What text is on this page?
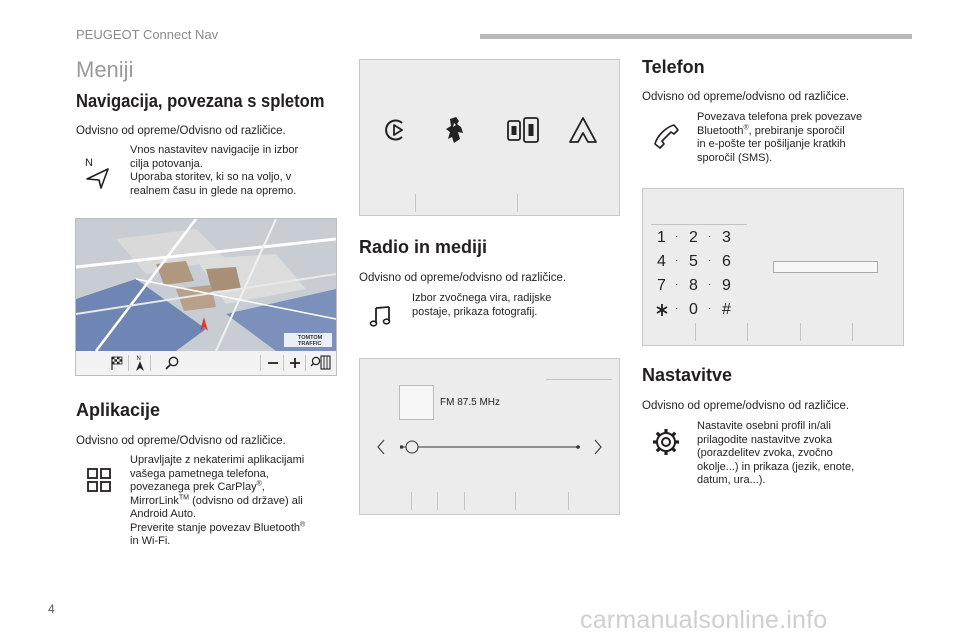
PEUGEOT Connect Nav
Meniji
Navigacija, povezana s spletom
Odvisno od opreme/Odvisno od različice.
N
Vnos nastavitev navigacije in izbor
cilja potovanja.
Uporaba storitev, ki so na voljo, v
realnem času in glede na opremo.
TOMTOM
TRAFFIC
N
Aplikacije
Odvisno od opreme/Odvisno od različice.
Upravljajte z nekaterimi aplikacijami
vašega pametnega telefona,
povezanega prek CarPlay®,
MirrorLink™ (odvisno od države) ali
Android Auto.
Preverite stanje povezav Bluetooth®
in Wi-Fi.
Radio in mediji
Odvisno od opreme/odvisno od različice.
Izbor zvočnega vira, radijske
postaje, prikaza fotografij.
FM 87.5 MHz
Telefon
Odvisno od opreme/odvisno od različice.
Povezava telefona prek povezave
Bluetooth®, prebiranje sporočil
in e-pošte ter pošiljanje kratkih
sporočil (SMS).
1 · 2 · 3
4 · 5 · 6
7 · 8 · 9
· 0 · #
Nastavitve
Odvisno od opreme/odvisno od različice.
Nastavite osebni profil in/ali
prilagodite nastavitve zvoka
(porazdelitev zvoka, zvočno
okolje...) in prikaza (jezik, enote,
datum, ura...).
4	carmanualsonline.info
